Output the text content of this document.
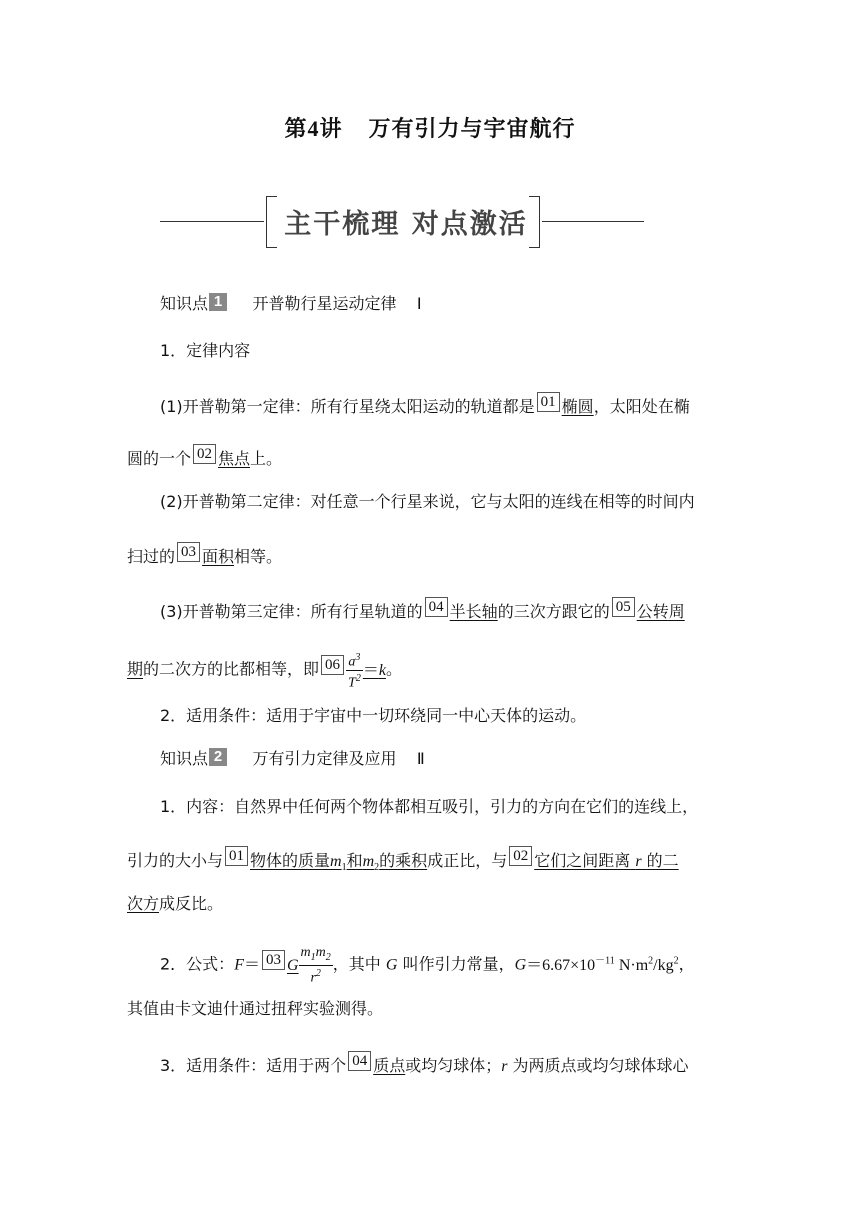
第4讲 万有引力与宇宙航行
主干梳理 对点激活
知识点 1 开普勒行星运动定律 Ⅰ
1．定律内容
(1)开普勒第一定律：所有行星绕太阳运动的轨道都是 01 椭圆，太阳处在椭
圆的一个 02 焦点上。
(2)开普勒第二定律：对任意一个行星来说，它与太阳的连线在相等的时间内
扫过的 03 面积相等。
(3)开普勒第三定律：所有行星轨道的 04 半长轴的三次方跟它的 05 公转周
期的二次方的比都相等，即 $06 \frac{a^3}{T^2} =k$。
2．适用条件：适用于宇宙中一切环绕同一中心天体的运动。
知识点 2 万有引力定律及应用 Ⅱ
1．内容：自然界中任何两个物体都相互吸引，引力的方向在它们的连线上，
引力的大小与 01 物体的质量$m_1$和$m_2$的乘积成正比，与 02 它们之间距离 r 的二
次方成反比。
2．公式：F＝ 03 G $\frac{m_1m_2}{r^2}$ ，其中 G 叫作引力常量，$G=6.67\times 10^{-11}$ $N\cdot m^2/kg^2$，
其值由卡文迪什通过扭秤实验测得。
3．适用条件：适用于两个 04 质点或均匀球体；r 为两质点或均匀球体球心
